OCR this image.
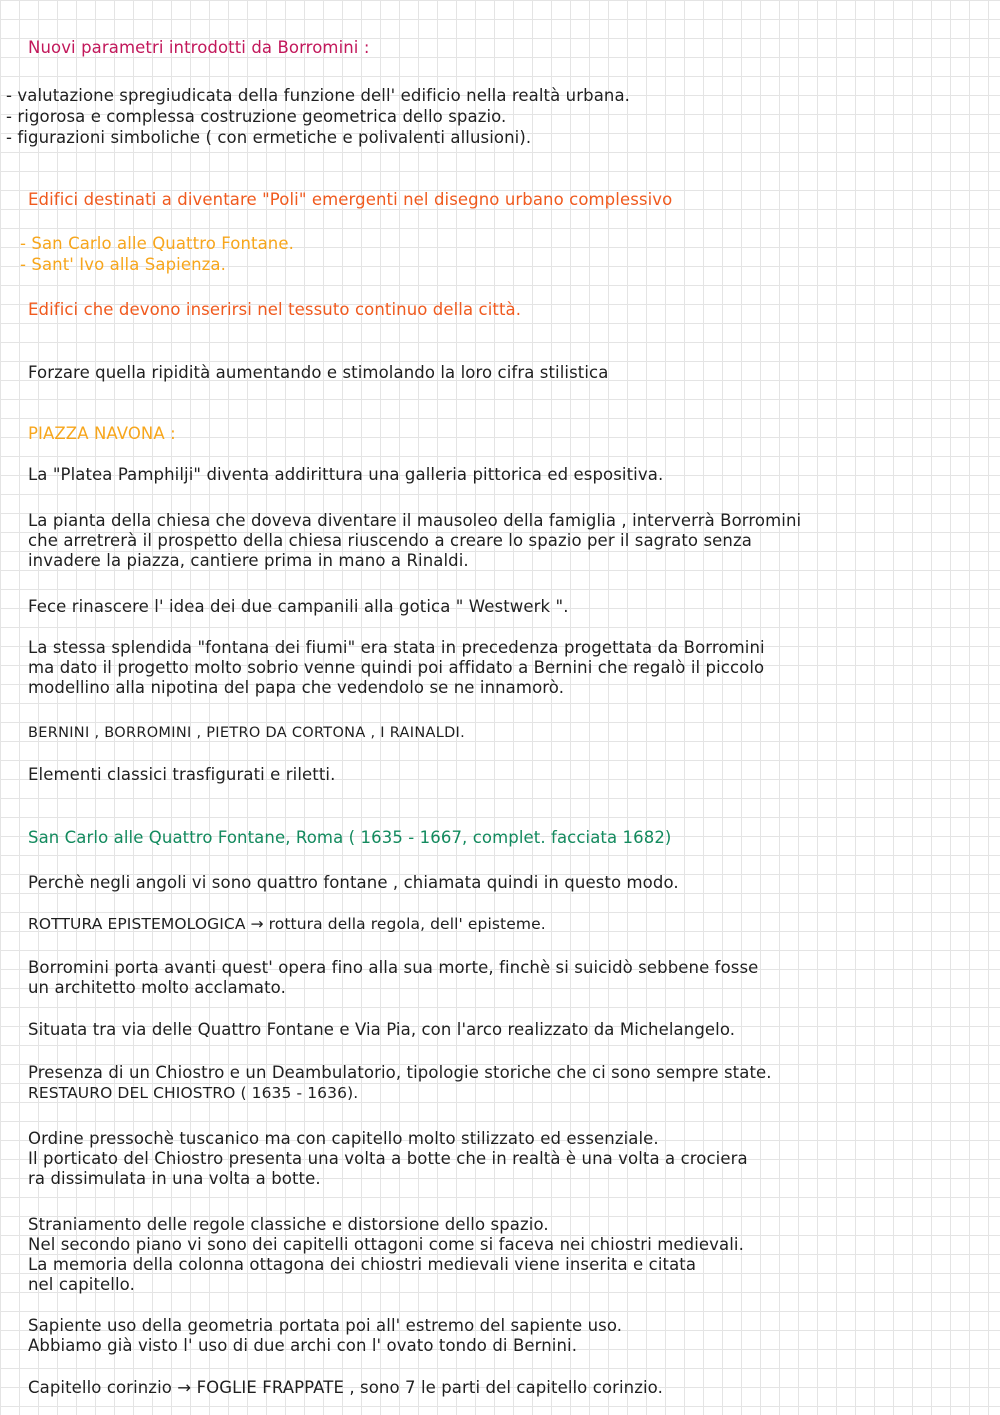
Nuovi parametri introdotti da Borromini :
- valutazione spregiudicata della funzione dell' edificio nella realtà urbana.
- rigorosa e complessa costruzione geometrica dello spazio.
- figurazioni simboliche ( con ermetiche e polivalenti allusioni).
Edifici destinati a diventare "Poli" emergenti nel disegno urbano complessivo
- San Carlo alle Quattro Fontane.
- Sant' Ivo alla Sapienza.
Edifici che devono inserirsi nel tessuto continuo della città.
Forzare quella ripidità aumentando e stimolando la loro cifra stilistica
PIAZZA NAVONA :
La "Platea Pamphilji" diventa addirittura una galleria pittorica ed espositiva.
La pianta della chiesa che doveva diventare il mausoleo della famiglia , interverrà Borromini
che arretrerà il prospetto della chiesa riuscendo a creare lo spazio per il sagrato senza
invadere la piazza, cantiere prima in mano a Rinaldi.
Fece rinascere l' idea dei due campanili alla gotica " Westwerk ".
La stessa splendida "fontana dei fiumi" era stata in precedenza progettata da Borromini
ma dato il progetto molto sobrio venne quindi poi affidato a Bernini che regalò il piccolo
modellino alla nipotina del papa che vedendolo se ne innamorò.
BERNINI , BORROMINI , PIETRO DA CORTONA , I RAINALDI.
Elementi classici trasfigurati e riletti.
San Carlo alle Quattro Fontane, Roma ( 1635 - 1667, complet. facciata 1682)
Perchè negli angoli vi sono quattro fontane , chiamata quindi in questo modo.
ROTTURA EPISTEMOLOGICA → rottura della regola, dell' episteme.
Borromini porta avanti quest' opera fino alla sua morte, finchè si suicidò sebbene fosse
un architetto molto acclamato.
Situata tra via delle Quattro Fontane e Via Pia, con l'arco realizzato da Michelangelo.
Presenza di un Chiostro e un Deambulatorio, tipologie storiche che ci sono sempre state.
RESTAURO DEL CHIOSTRO ( 1635 - 1636).
Ordine pressochè tuscanico ma con capitello molto stilizzato ed essenziale.
Il porticato del Chiostro presenta una volta a botte che in realtà è una volta a crociera
ra dissimulata in una volta a botte.
Straniamento delle regole classiche e distorsione dello spazio.
Nel secondo piano vi sono dei capitelli ottagoni come si faceva nei chiostri medievali.
La memoria della colonna ottagona dei chiostri medievali viene inserita e citata
nel capitello.
Sapiente uso della geometria portata poi all' estremo del sapiente uso.
Abbiamo già visto l' uso di due archi con l' ovato tondo di Bernini.
Capitello corinzio → FOGLIE FRAPPATE , sono 7 le parti del capitello corinzio.
